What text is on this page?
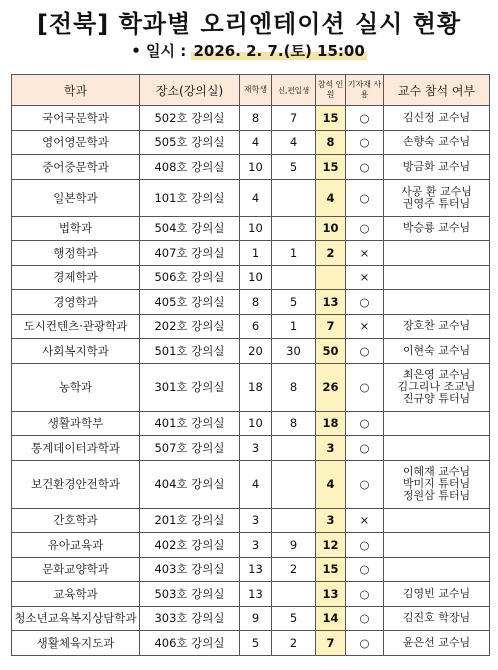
[전북] 학과별 오리엔테이션 실시 현황
• 일시 : 2026. 2. 7.(토) 15:00
학과	장소(강의실)	재학생	신,편입생	참석 인원	기자재 사용	교수 참석 여부
국어국문학과	502호 강의실	8	7	15	○	김신정 교수님

영어영문학과	505호 강의실	4	4	8	○	손향숙 교수님

중어중문학과	408호 강의실	10	5	15	○	방금화 교수님

일본학과	101호 강의실	4		4	○	사공 환 교수님
권영주 튜터님

법학과	504호 강의실	10		10	○	박승룡 교수님

행정학과	407호 강의실	1	1	2	×	
경제학과	506호 강의실	10			×	
경영학과	405호 강의실	8	5	13	○	
도시컨텐츠·관광학과	202호 강의실	6	1	7	×	장호찬 교수님

사회복지학과	501호 강의실	20	30	50	○	이현숙 교수님

농학과	301호 강의실	18	8	26	○	최은영 교수님
김그리나 조교님
진규양 튜터님

생활과학부	401호 강의실	10	8	18	○	
통계데이터과학과	507호 강의실	3		3	○	
보건환경안전학과	404호 강의실	4		4	○	이혜재 교수님
박미지 튜터님
정원삼 튜터님

간호학과	201호 강의실	3		3	×	
유아교육과	402호 강의실	3	9	12	○	
문화교양학과	403호 강의실	13	2	15	○	
교육학과	503호 강의실	13		13	○	김영빈 교수님

청소년교육복지상담학과	303호 강의실	9	5	14	○	김진호 학장님

생활체육지도과	406호 강의실	5	2	7	○	윤은선 교수님
